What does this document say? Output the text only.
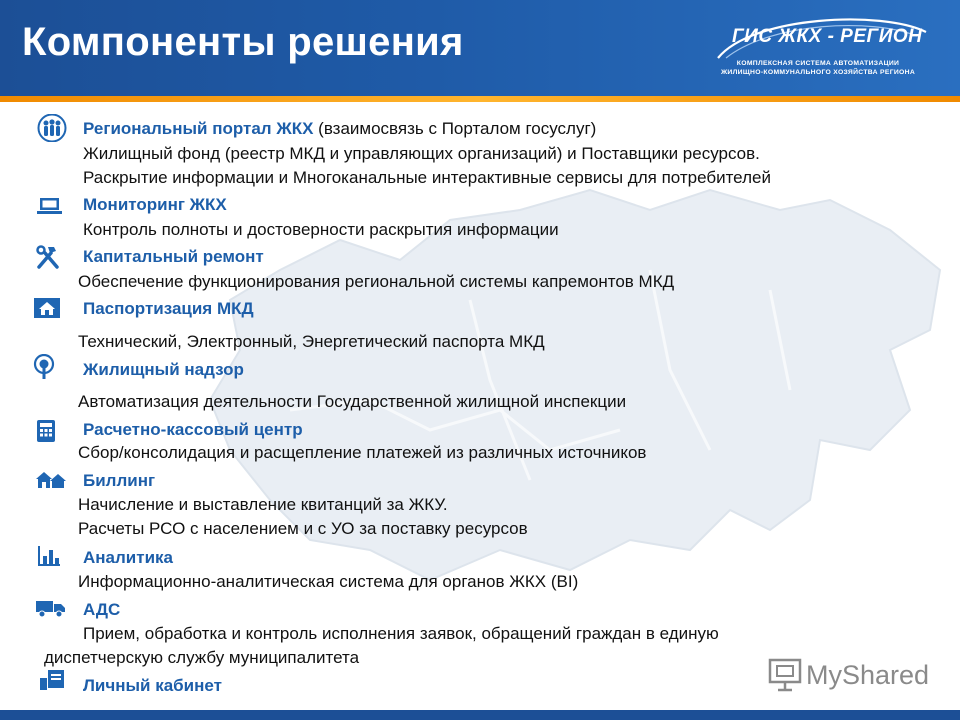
Компоненты решения	ГИС ЖКХ - РЕГИОН
КОМПЛЕКСНАЯ СИСТЕМА АВТОМАТИЗАЦИИ
ЖИЛИЩНО-КОММУНАЛЬНОГО ХОЗЯЙСТВА РЕГИОНА
Региональный портал ЖКХ (взаимосвязь с Порталом госуслуг)
Жилищный фонд (реестр МКД и управляющих организаций) и Поставщики ресурсов.
Раскрытие информации и Многоканальные интерактивные сервисы для потребителей
Мониторинг ЖКХ
Контроль полноты и достоверности раскрытия информации
Капитальный ремонт
Обеспечение функционирования региональной системы капремонтов МКД
Паспортизация МКД
Технический, Электронный, Энергетический паспорта МКД
Жилищный надзор
Автоматизация деятельности Государственной жилищной инспекции
Расчетно-кассовый центр
Сбор/консолидация и расщепление платежей из различных источников
Биллинг
Начисление и выставление квитанций за ЖКУ.
Расчеты РСО с населением и с УО за поставку ресурсов
Аналитика
Информационно-аналитическая система для органов ЖКХ (BI)
АДС
Прием, обработка и контроль исполнения заявок, обращений граждан в единую
диспетчерскую службу муниципалитета
Личный кабинет	MyShared
